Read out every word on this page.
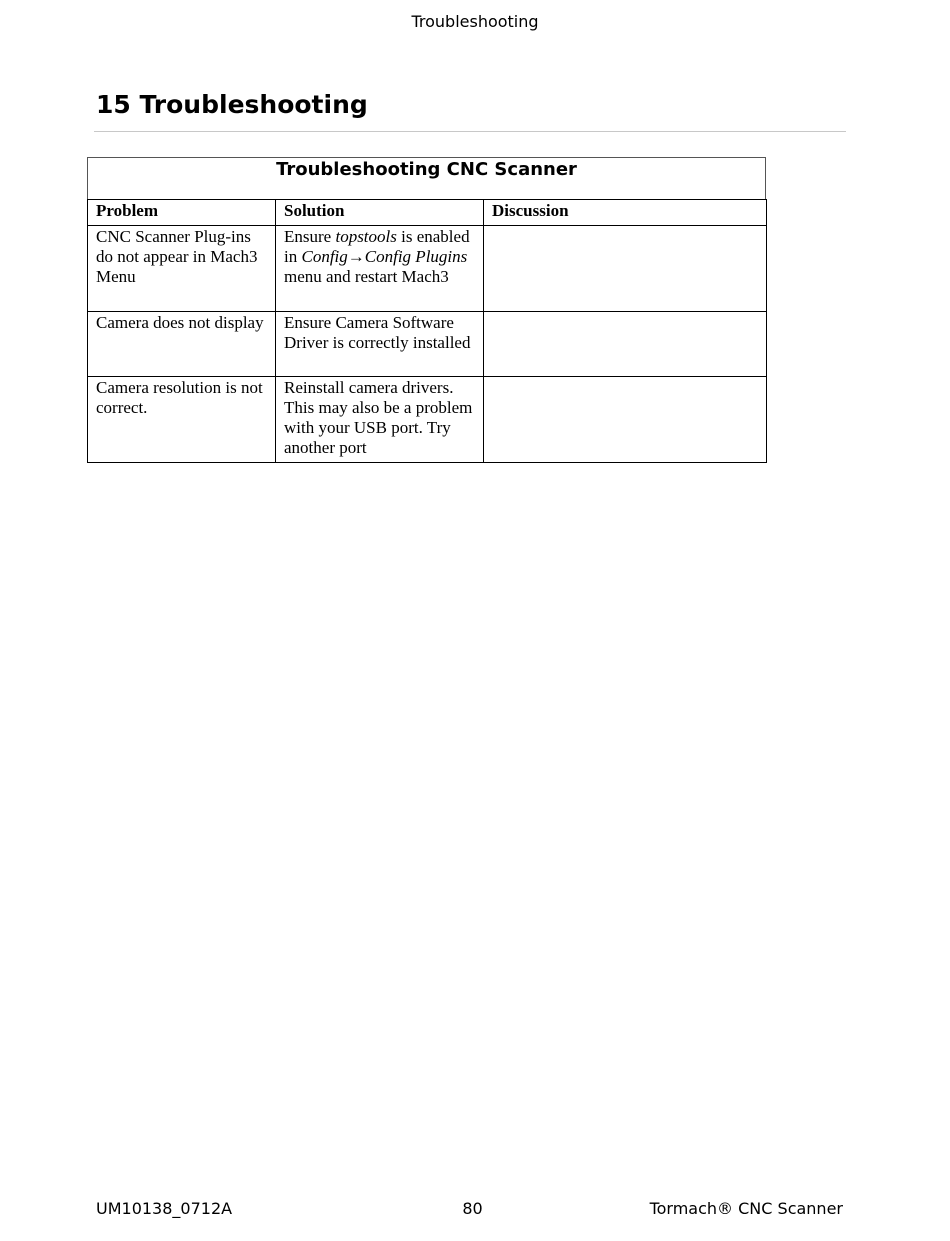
Troubleshooting
15 Troubleshooting
Troubleshooting CNC Scanner
Problem	Solution	Discussion
CNC Scanner Plug-ins do not appear in Mach3 Menu	Ensure topstools is enabled in Config→Config Plugins menu and restart Mach3	
Camera does not display	Ensure Camera Software Driver is correctly installed	
Camera resolution is not correct.	Reinstall camera drivers. This may also be a problem with your USB port. Try another port	
UM10138_0712A	80	Tormach® CNC Scanner
